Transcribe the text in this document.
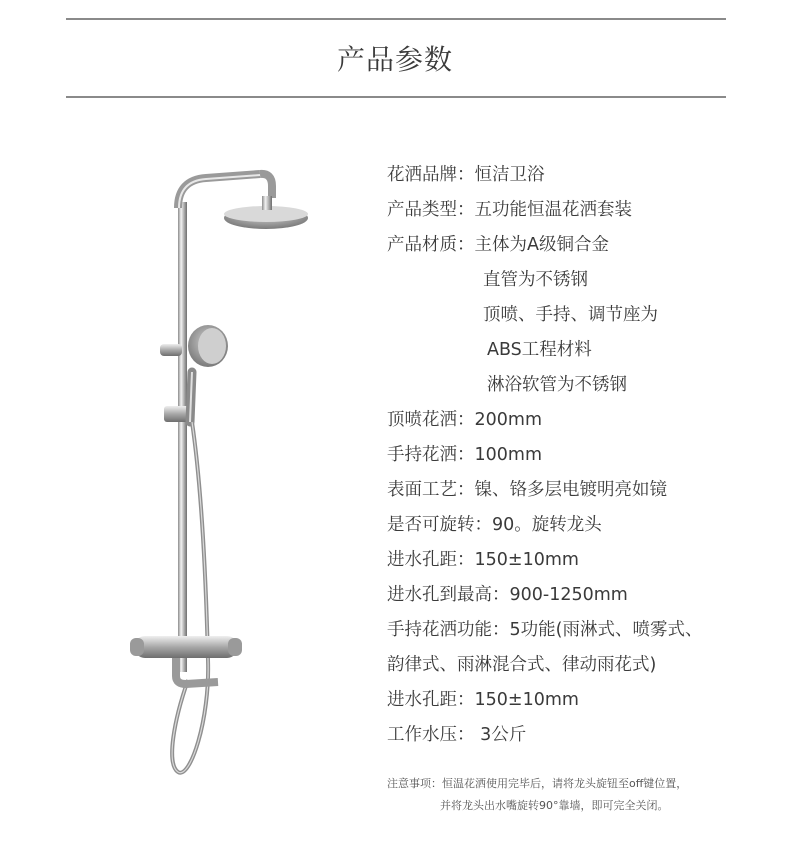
产品参数
花洒品牌：恒洁卫浴
产品类型：五功能恒温花洒套装
产品材质：主体为A级铜合金
直管为不锈钢
顶喷、手持、调节座为
ABS工程材料
淋浴软管为不锈钢
顶喷花洒：200mm
手持花洒：100mm
表面工艺：镍、铬多层电镀明亮如镜
是否可旋转：90。旋转龙头
进水孔距：150±10mm
进水孔到最高：900-1250mm
手持花洒功能：5功能(雨淋式、喷雾式、
韵律式、雨淋混合式、律动雨花式)
进水孔距：150±10mm
工作水压： 3公斤
注意事项：恒温花洒使用完毕后，请将龙头旋钮至off键位置，
并将龙头出水嘴旋转90°靠墙，即可完全关闭。
